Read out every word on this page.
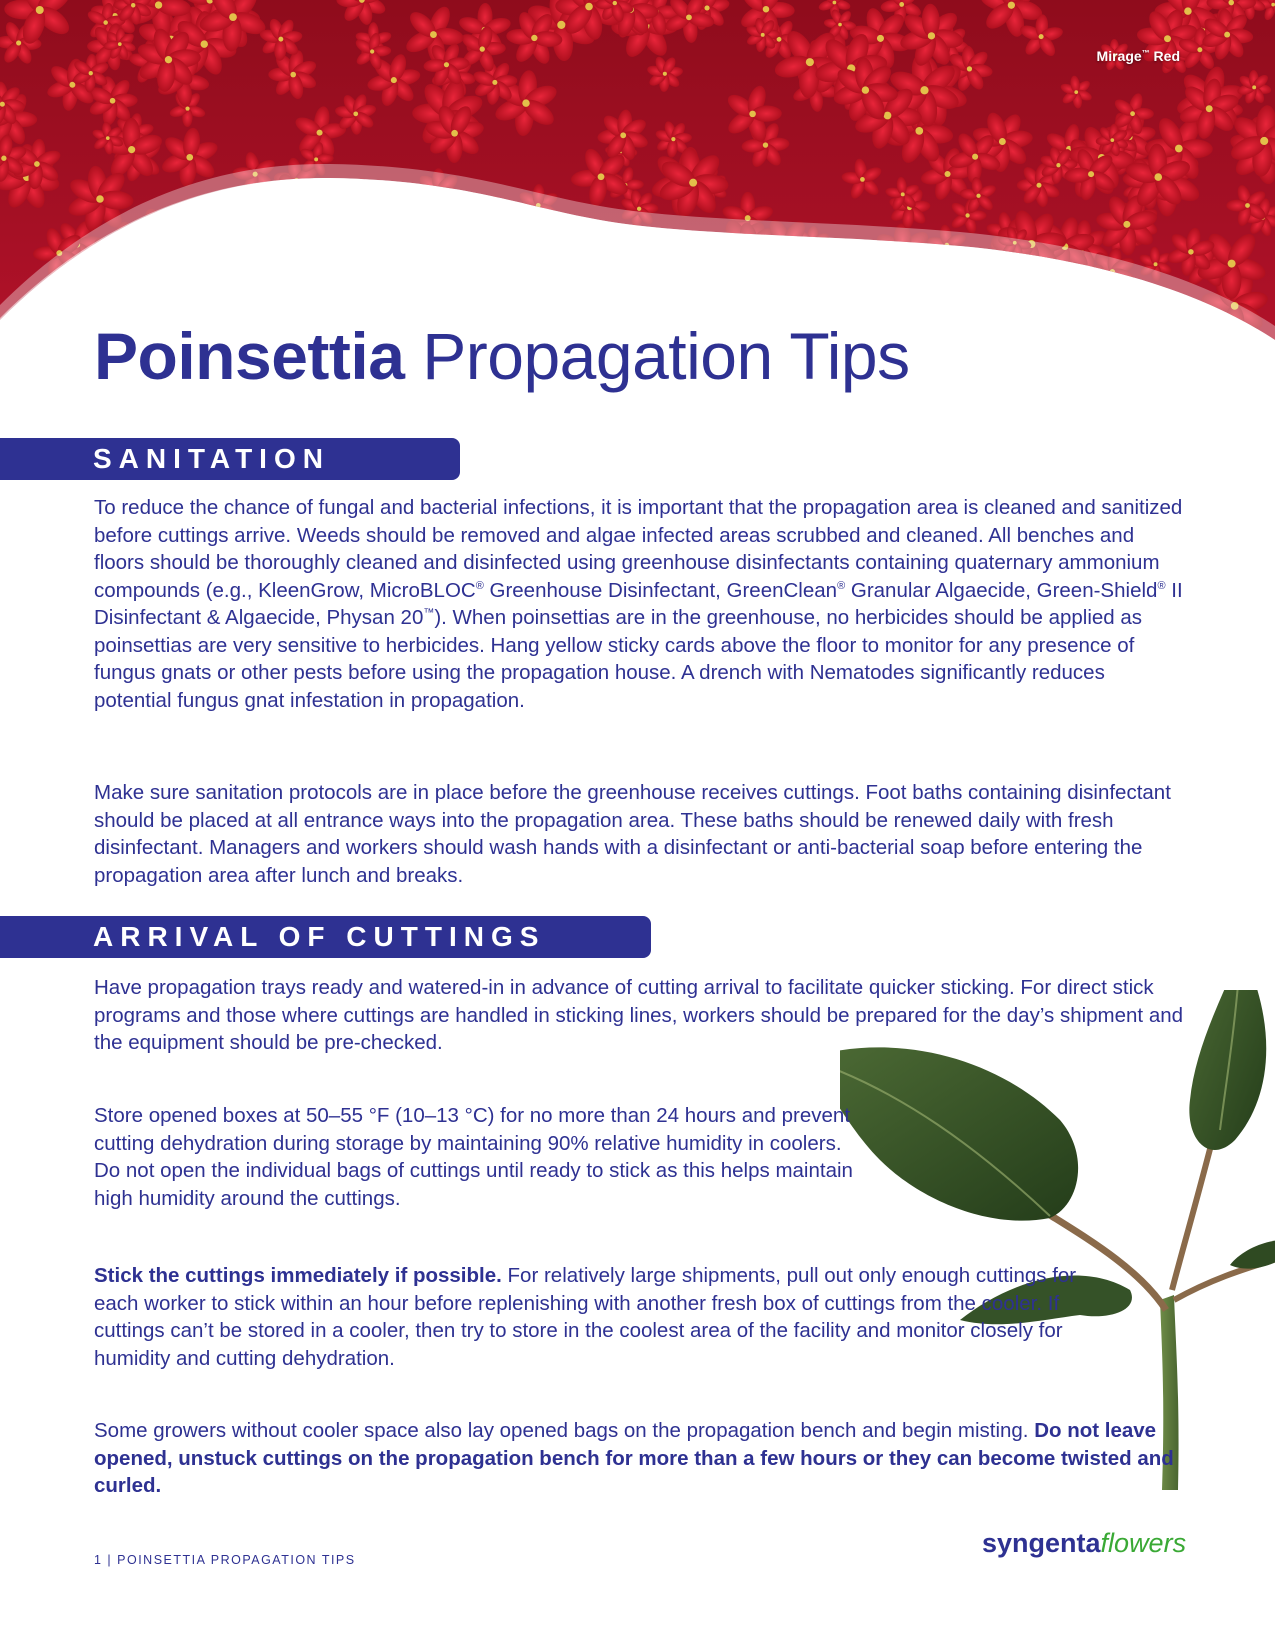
Mirage™ Red
Poinsettia Propagation Tips
SANITATION

To reduce the chance of fungal and bacterial infections, it is important that the propagation area is cleaned and sanitized before cuttings arrive. Weeds should be removed and algae infected areas scrubbed and cleaned. All benches and floors should be thoroughly cleaned and disinfected using greenhouse disinfectants containing quaternary ammonium compounds (e.g., KleenGrow, MicroBLOC® Greenhouse Disinfectant, GreenClean® Granular Algaecide, Green-Shield® II Disinfectant & Algaecide, Physan 20™). When poinsettias are in the greenhouse, no herbicides should be applied as poinsettias are very sensitive to herbicides. Hang yellow sticky cards above the floor to monitor for any presence of fungus gnats or other pests before using the propagation house. A drench with Nematodes significantly reduces potential fungus gnat infestation in propagation.

Make sure sanitation protocols are in place before the greenhouse receives cuttings. Foot baths containing disinfectant should be placed at all entrance ways into the propagation area. These baths should be renewed daily with fresh disinfectant. Managers and workers should wash hands with a disinfectant or anti-bacterial soap before entering the propagation area after lunch and breaks.

ARRIVAL OF CUTTINGS

Have propagation trays ready and watered-in in advance of cutting arrival to facilitate quicker sticking. For direct stick programs and those where cuttings are handled in sticking lines, workers should be prepared for the day’s shipment and the equipment should be pre-checked.

Store opened boxes at 50–55 °F (10–13 °C) for no more than 24 hours and prevent cutting dehydration during storage by maintaining 90% relative humidity in coolers. Do not open the individual bags of cuttings until ready to stick as this helps maintain high humidity around the cuttings.

Stick the cuttings immediately if possible. For relatively large shipments, pull out only enough cuttings for each worker to stick within an hour before replenishing with another fresh box of cuttings from the cooler. If cuttings can’t be stored in a cooler, then try to store in the coolest area of the facility and monitor closely for humidity and cutting dehydration.

Some growers without cooler space also lay opened bags on the propagation bench and begin misting. Do not leave opened, unstuck cuttings on the propagation bench for more than a few hours or they can become twisted and curled.

1 | POINSETTIA PROPAGATION TIPS
syngentaflowers
